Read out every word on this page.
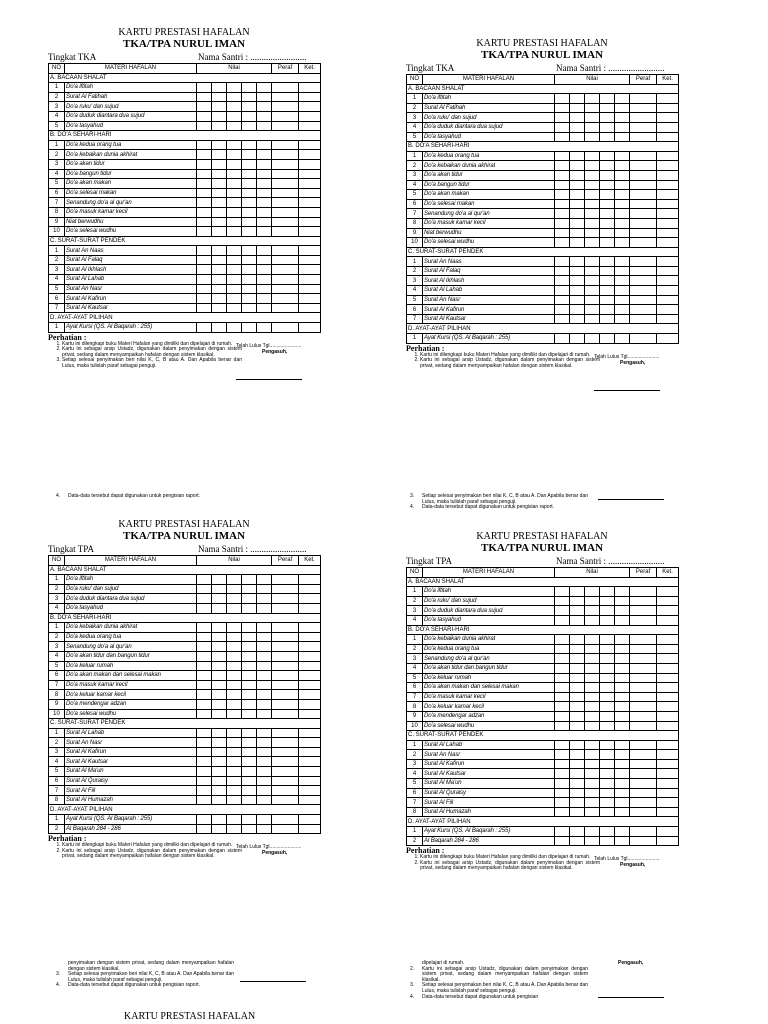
KARTU PRESTASI HAFALAN
TKA/TPA NURUL IMAN
Tingkat TKA	Nama Santri : .........................
NO	MATERI HAFALAN	Nilai					Peraf	Ket.
A. BACAAN SHALAT								
1	Do'a iftitah							
2	Surat Al Fatihah							
3	Do'a ruku' dan sujud							
4	Do'a duduk diantara dua sujud							
5	Do'a tasyahud							
B. DO'A SEHARI-HARI								
1	Do'a kedua orang tua							
2	Do'a kebaikan dunia akhirat							
3	Do'a akan tidur							
4	Do'a bangun tidur							
5	Do'a akan makan							
6	Do'a selesai makan							
7	Senandung do'a al qur'an							
8	Do'a masuk kamar kecil							
9	Niat berwudhu							
10	Do'a selesai wudhu							
C. SURAT-SURAT PENDEK								
1	Surat An Naas							
2	Surat Al Falaq							
3	Surat Al Ikhlash							
4	Surat Al Lahab							
5	Surat An Nasr							
6	Surat Al Kafirun							
7	Surat Al Kautsar							
D. AYAT-AYAT PILIHAN								
1	Ayat Kursi (QS. Al Baqarah : 255)							
Perhatian :
1. Kartu ini dilengkapi buku Materi Hafalan yang dimiliki dan dipelajari di rumah.
2. Kartu ini sebagai arsip Ustadz, digunakan dalam penyimakan dengan sistem privat, sedang dalam menyampaikan hafalan dengan sistem klasikal.
3. Setiap selesai penyimakan beri nilai K, C, B atau A. Dan Apabila benar dan Lulus, maka tulislah paraf sebagai penguji.
Telah Lulus Tgl.......................
Pengasuh,
KARTU PRESTASI HAFALAN
TKA/TPA NURUL IMAN
Tingkat TKA	Nama Santri : .........................
NO	MATERI HAFALAN	Nilai					Peraf	Ket.
A. BACAAN SHALAT								
1	Do'a iftitah							
2	Surat Al Fatihah							
3	Do'a ruku' dan sujud							
4	Do'a duduk diantara dua sujud							
5	Do'a tasyahud							
B. DO'A SEHARI-HARI								
1	Do'a kedua orang tua							
2	Do'a kebaikan dunia akhirat							
3	Do'a akan tidur							
4	Do'a bangun tidur							
5	Do'a akan makan							
6	Do'a selesai makan							
7	Senandung do'a al qur'an							
8	Do'a masuk kamar kecil							
9	Niat berwudhu							
10	Do'a selesai wudhu							
C. SURAT-SURAT PENDEK								
1	Surat An Naas							
2	Surat Al Falaq							
3	Surat Al Ikhlash							
4	Surat Al Lahab							
5	Surat An Nasr							
6	Surat Al Kafirun							
7	Surat Al Kautsar							
D. AYAT-AYAT PILIHAN								
1	Ayat Kursi (QS. Al Baqarah : 255)							
Perhatian :
1. Kartu ini dilengkapi buku Materi Hafalan yang dimiliki dan dipelajari di rumah.
2. Kartu ini sebagai arsip Ustadz, digunakan dalam penyimakan dengan sistem privat, sedang dalam menyampaikan hafalan dengan sistem klasikal.
Telah Lulus Tgl.......................
Pengasuh,
KARTU PRESTASI HAFALAN
TKA/TPA NURUL IMAN
Tingkat TPA	Nama Santri : .........................
NO	MATERI HAFALAN	Nilai					Peraf	Ket.
A. BACAAN SHALAT								
1	Do'a iftitah							
2	Do'a ruku' dan sujud							
3	Do'a duduk diantara dua sujud							
4	Do'a tasyahud							
B. DO'A SEHARI-HARI								
1	Do'a kebaikan dunia akhirat							
2	Do'a kedua orang tua							
3	Senandung do'a al qur'an							
4	Do'a akan tidur dan bangun tidur							
5	Do'a keluar rumah							
6	Do'a akan makan dan selesai makan							
7	Do'a masuk kamar kecil							
8	Do'a keluar kamar kecil							
9	Do'a mendengar adzan							
10	Do'a selesai wudhu							
C. SURAT-SURAT PENDEK								
1	Surat Al Lahab							
2	Surat An Nasr							
3	Surat Al Kafirun							
4	Surat Al Kautsar							
5	Surat Al Ma'un							
6	Surat Al Quraisy							
7	Surat Al Fiil							
8	Surat Al Humazah							
D. AYAT-AYAT PILIHAN								
1	Ayat Kursi (QS. Al Baqarah : 255)							
2	Al Baqarah 284 - 286							
Perhatian :
1. Kartu ini dilengkapi buku Materi Hafalan yang dimiliki dan dipelajari di rumah.
2. Kartu ini sebagai arsip Ustadz, digunakan dalam penyimakan dengan sistem privat, sedang dalam menyampaikan hafalan dengan sistem klasikal.
Telah Lulus Tgl.......................
Pengasuh,
KARTU PRESTASI HAFALAN
TKA/TPA NURUL IMAN
Tingkat TPA	Nama Santri : .........................
NO	MATERI HAFALAN	Nilai					Peraf	Ket.
A. BACAAN SHALAT								
1	Do'a iftitah							
2	Do'a ruku' dan sujud							
3	Do'a duduk diantara dua sujud							
4	Do'a tasyahud							
B. DO'A SEHARI-HARI								
1	Do'a kebaikan dunia akhirat							
2	Do'a kedua orang tua							
3	Senandung do'a al qur'an							
4	Do'a akan tidur dan bangun tidur							
5	Do'a keluar rumah							
6	Do'a akan makan dan selesai makan							
7	Do'a masuk kamar kecil							
8	Do'a keluar kamar kecil							
9	Do'a mendengar adzan							
10	Do'a selesai wudhu							
C. SURAT-SURAT PENDEK								
1	Surat Al Lahab							
2	Surat An Nasr							
3	Surat Al Kafirun							
4	Surat Al Kautsar							
5	Surat Al Ma'un							
6	Surat Al Quraisy							
7	Surat Al Fiil							
8	Surat Al Humazah							
D. AYAT-AYAT PILIHAN								
1	Ayat Kursi (QS. Al Baqarah : 255)							
2	Al Baqarah 284 - 286							
Perhatian :
1. Kartu ini dilengkapi buku Materi Hafalan yang dimiliki dan dipelajari di rumah.
2. Kartu ini sebagai arsip Ustadz, digunakan dalam penyimakan dengan sistem privat, sedang dalam menyampaikan hafalan dengan sistem klasikal.
Telah Lulus Tgl.......................
Pengasuh,
4.	Data-data tersebut dapat digunakan untuk pengisian raport.	3.	Setiap selesai penyimakan beri nilai K, C, B atau A. Dan Apabila benar dan Lulus, maka tulislah paraf sebagai penguji.
4.	Data-data tersebut dapat digunakan untuk pengisian raport.
penyimakan dengan sistem privat, sedang dalam menyampaikan hafalan dengan sistem klasikal.
3.	Setiap selesai penyimakan beri nilai K, C, B atau A. Dan Apabila benar dan Lulus, maka tulislah paraf sebagai penguji.
4.	Data-data tersebut dapat digunakan untuk pengisian raport.
dipelajari di rumah.
2.	Kartu ini sebagai arsip Ustadz, digunakan dalam penyimakan dengan sistem privat, sedang dalam menyampaikan hafalan dengan sistem klasikal.
3.	Setiap selesai penyimakan beri nilai K, C, B atau A. Dan Apabila benar dan Lulus, maka tulislah paraf sebagai penguji.
4.	Data-data tersebut dapat digunakan untuk pengisian
Pengasuh,
KARTU PRESTASI HAFALAN
